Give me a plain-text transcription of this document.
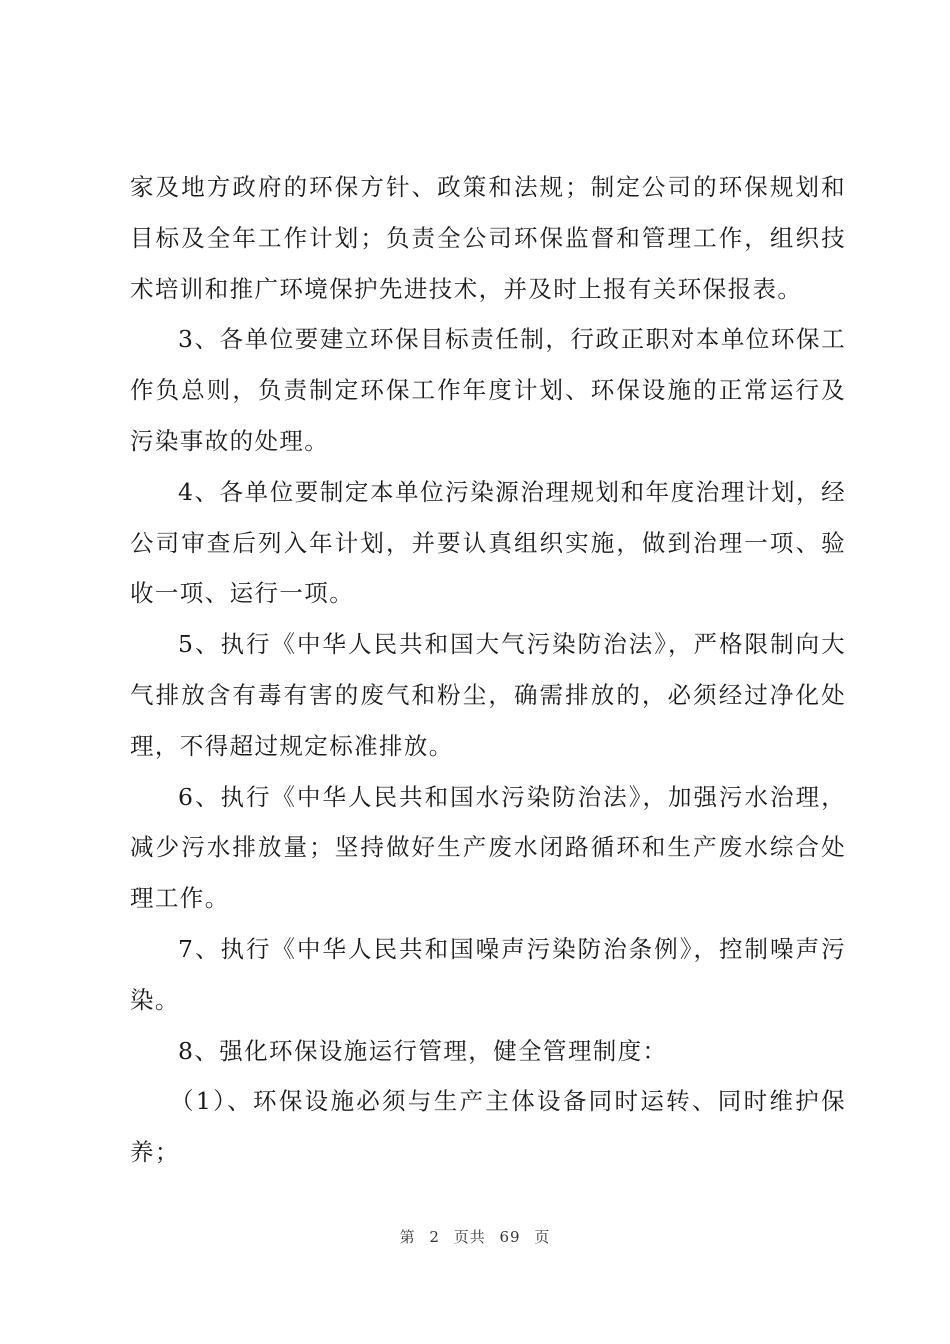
家及地方政府的环保方针、政策和法规；制定公司的环保规划和目标及全年工作计划；负责全公司环保监督和管理工作，组织技术培训和推广环境保护先进技术，并及时上报有关环保报表。

3、各单位要建立环保目标责任制，行政正职对本单位环保工作负总则，负责制定环保工作年度计划、环保设施的正常运行及污染事故的处理。

4、各单位要制定本单位污染源治理规划和年度治理计划，经公司审查后列入年计划，并要认真组织实施，做到治理一项、验收一项、运行一项。

5、执行《中华人民共和国大气污染防治法》，严格限制向大气排放含有毒有害的废气和粉尘，确需排放的，必须经过净化处理，不得超过规定标准排放。

6、执行《中华人民共和国水污染防治法》，加强污水治理，减少污水排放量；坚持做好生产废水闭路循环和生产废水综合处理工作。

7、执行《中华人民共和国噪声污染防治条例》，控制噪声污染。

8、强化环保设施运行管理，健全管理制度：

（1）、环保设施必须与生产主体设备同时运转、同时维护保养；

第 2 页共 69 页
